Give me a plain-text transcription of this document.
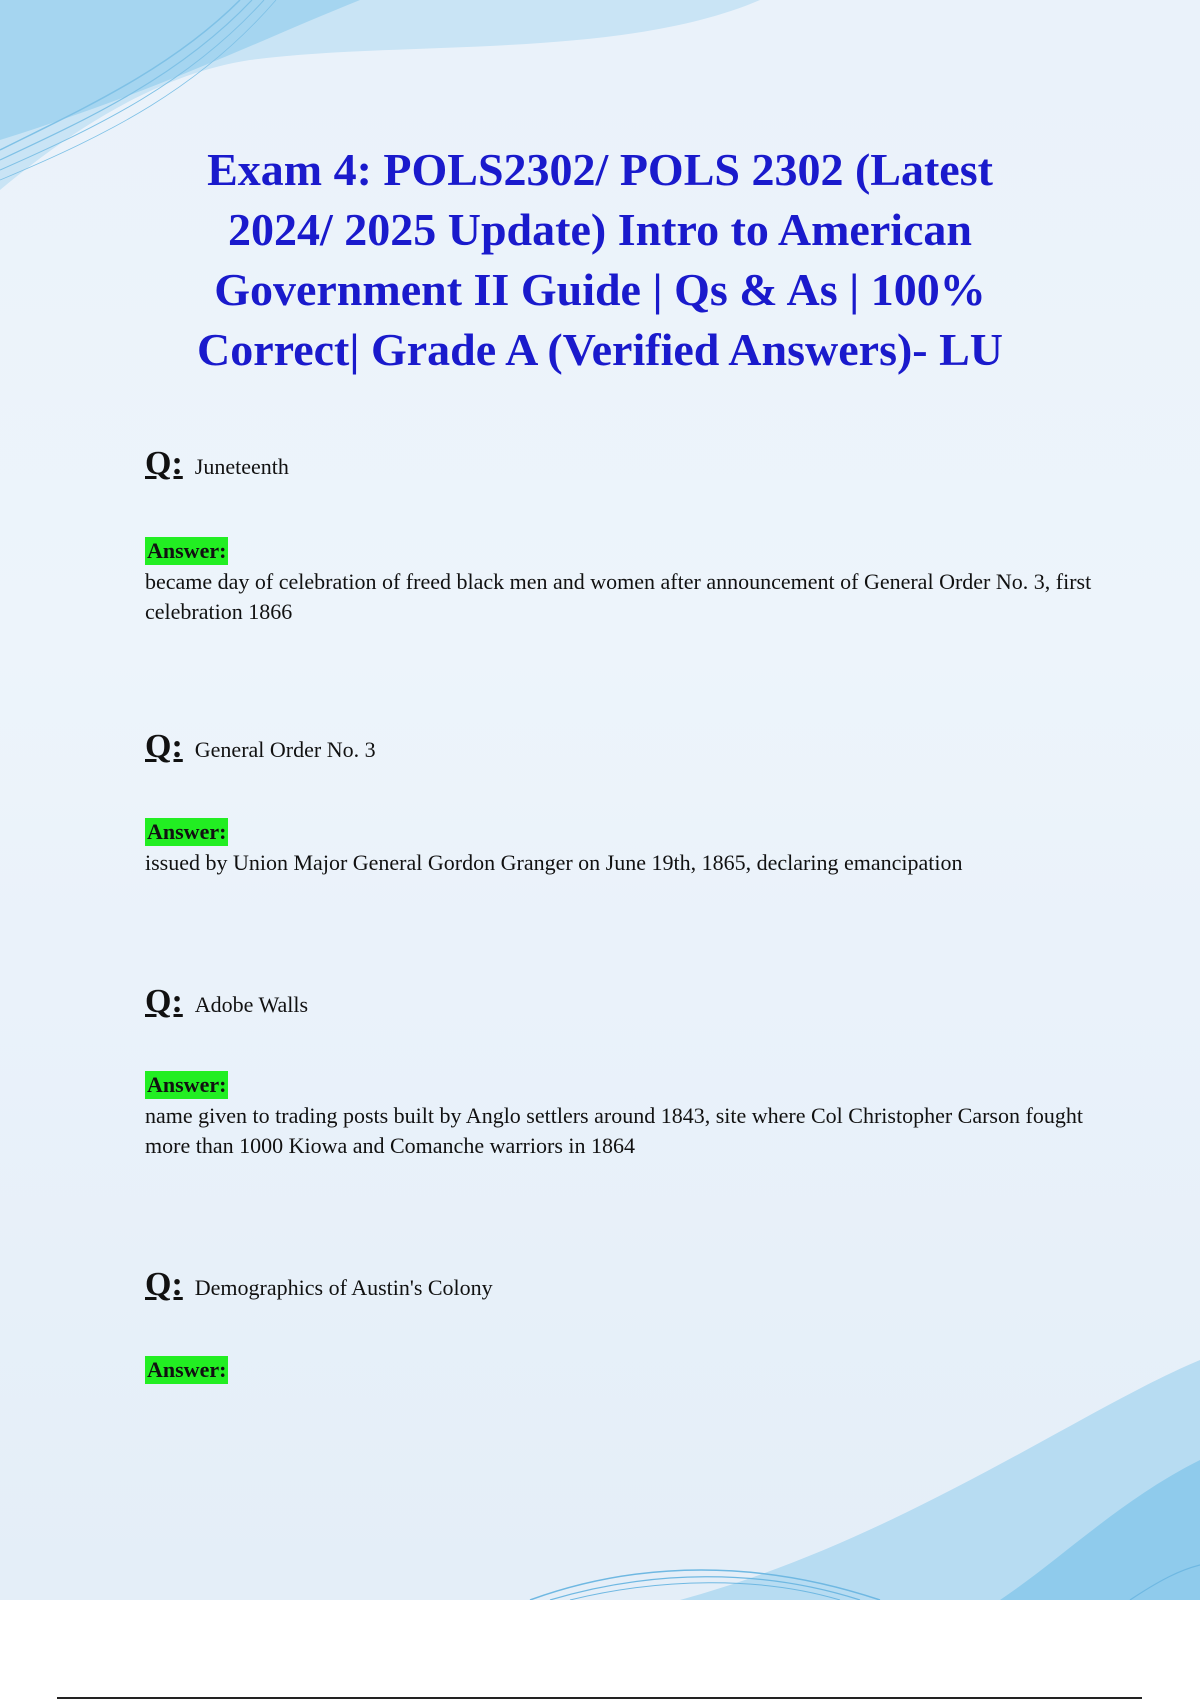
Exam 4: POLS2302/ POLS 2302 (Latest 2024/ 2025 Update) Intro to American Government II Guide | Qs & As | 100% Correct| Grade A (Verified Answers)- LU
Q: Juneteenth
Answer:
became day of celebration of freed black men and women after announcement of General Order No. 3, first celebration 1866
Q: General Order No. 3
Answer:
issued by Union Major General Gordon Granger on June 19th, 1865, declaring emancipation
Q: Adobe Walls
Answer:
name given to trading posts built by Anglo settlers around 1843, site where Col Christopher Carson fought more than 1000 Kiowa and Comanche warriors in 1864
Q: Demographics of Austin's Colony
Answer:
